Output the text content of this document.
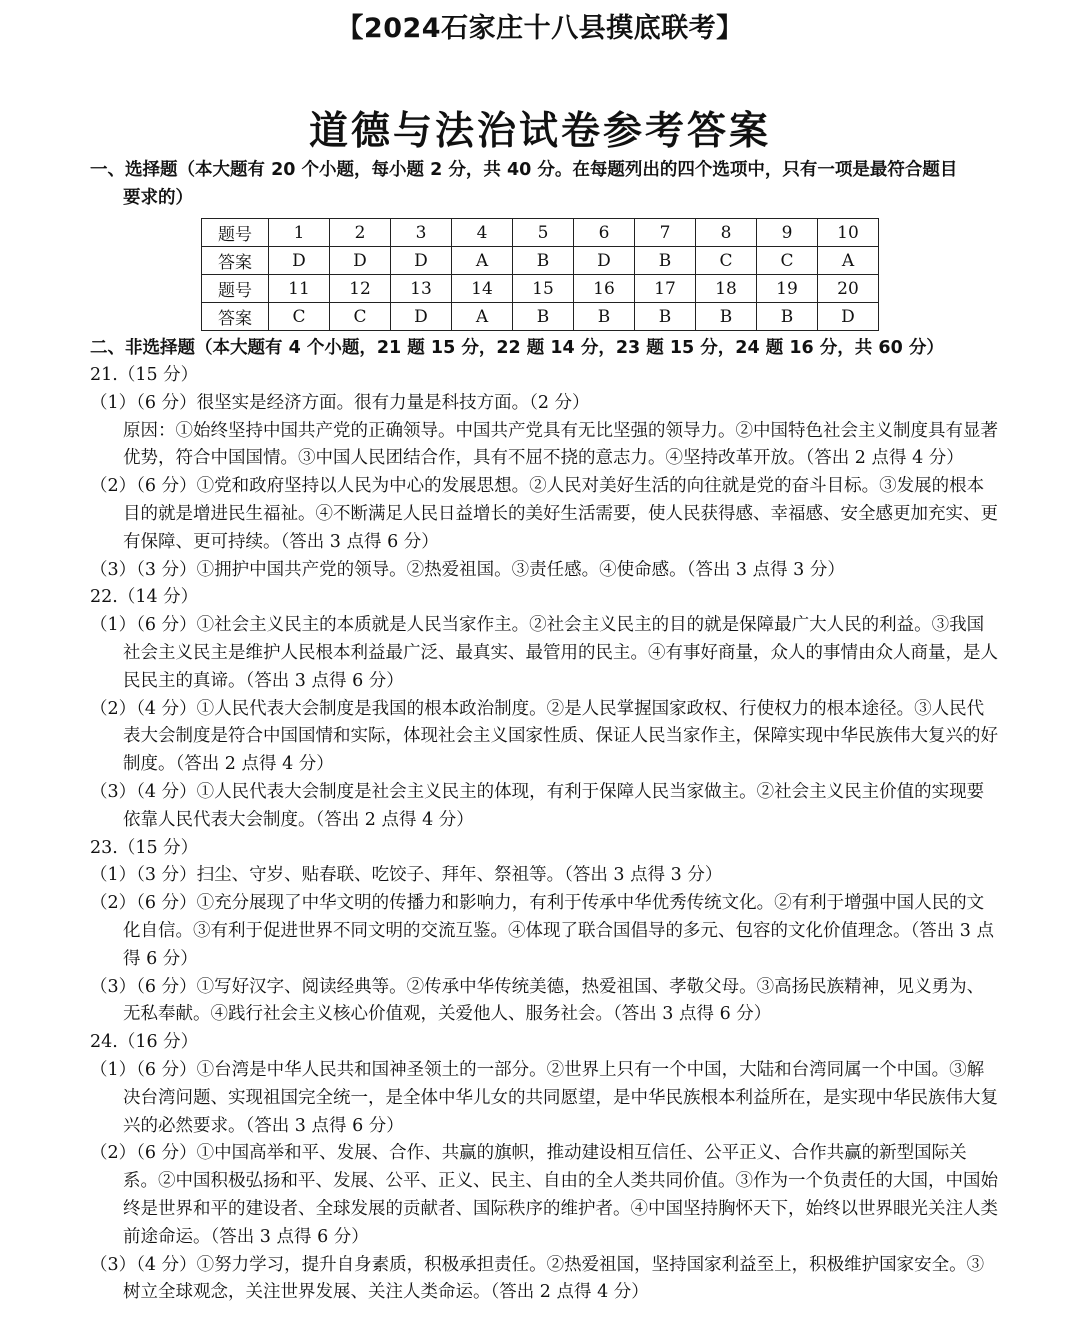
【2024石家庄十八县摸底联考】
道德与法治试卷参考答案
一、选择题（本大题有 20 个小题，每小题 2 分，共 40 分。在每题列出的四个选项中，只有一项是最符合题目
要求的）
题号	1	2	3	4	5	6	7	8	9	10
答案	D	D	D	A	B	D	B	C	C	A
题号	11	12	13	14	15	16	17	18	19	20
答案	C	C	D	A	B	B	B	B	B	D
二、非选择题（本大题有 4 个小题，21 题 15 分，22 题 14 分，23 题 15 分，24 题 16 分，共 60 分）

21.（15 分）

（1）（6 分）很坚实是经济方面。很有力量是科技方面。（2 分）

原因：①始终坚持中国共产党的正确领导。中国共产党具有无比坚强的领导力。②中国特色社会主义制度具有显著优势，符合中国国情。③中国人民团结合作，具有不屈不挠的意志力。④坚持改革开放。（答出 2 点得 4 分）

（2）（6 分）①党和政府坚持以人民为中心的发展思想。②人民对美好生活的向往就是党的奋斗目标。③发展的根本目的就是增进民生福祉。④不断满足人民日益增长的美好生活需要，使人民获得感、幸福感、安全感更加充实、更有保障、更可持续。（答出 3 点得 6 分）

（3）（3 分）①拥护中国共产党的领导。②热爱祖国。③责任感。④使命感。（答出 3 点得 3 分）

22.（14 分）

（1）（6 分）①社会主义民主的本质就是人民当家作主。②社会主义民主的目的就是保障最广大人民的利益。③我国社会主义民主是维护人民根本利益最广泛、最真实、最管用的民主。④有事好商量，众人的事情由众人商量，是人民民主的真谛。（答出 3 点得 6 分）

（2）（4 分）①人民代表大会制度是我国的根本政治制度。②是人民掌握国家政权、行使权力的根本途径。③人民代表大会制度是符合中国国情和实际，体现社会主义国家性质、保证人民当家作主，保障实现中华民族伟大复兴的好制度。（答出 2 点得 4 分）

（3）（4 分）①人民代表大会制度是社会主义民主的体现，有利于保障人民当家做主。②社会主义民主价值的实现要依靠人民代表大会制度。（答出 2 点得 4 分）

23.（15 分）

（1）（3 分）扫尘、守岁、贴春联、吃饺子、拜年、祭祖等。（答出 3 点得 3 分）

（2）（6 分）①充分展现了中华文明的传播力和影响力，有利于传承中华优秀传统文化。②有利于增强中国人民的文化自信。③有利于促进世界不同文明的交流互鉴。④体现了联合国倡导的多元、包容的文化价值理念。（答出 3 点得 6 分）

（3）（6 分）①写好汉字、阅读经典等。②传承中华传统美德，热爱祖国、孝敬父母。③高扬民族精神，见义勇为、无私奉献。④践行社会主义核心价值观，关爱他人、服务社会。（答出 3 点得 6 分）

24.（16 分）

（1）（6 分）①台湾是中华人民共和国神圣领土的一部分。②世界上只有一个中国，大陆和台湾同属一个中国。③解决台湾问题、实现祖国完全统一，是全体中华儿女的共同愿望，是中华民族根本利益所在，是实现中华民族伟大复兴的必然要求。（答出 3 点得 6 分）

（2）（6 分）①中国高举和平、发展、合作、共赢的旗帜，推动建设相互信任、公平正义、合作共赢的新型国际关系。②中国积极弘扬和平、发展、公平、正义、民主、自由的全人类共同价值。③作为一个负责任的大国，中国始终是世界和平的建设者、全球发展的贡献者、国际秩序的维护者。④中国坚持胸怀天下，始终以世界眼光关注人类前途命运。（答出 3 点得 6 分）

（3）（4 分）①努力学习，提升自身素质，积极承担责任。②热爱祖国，坚持国家利益至上，积极维护国家安全。③树立全球观念，关注世界发展、关注人类命运。（答出 2 点得 4 分）
